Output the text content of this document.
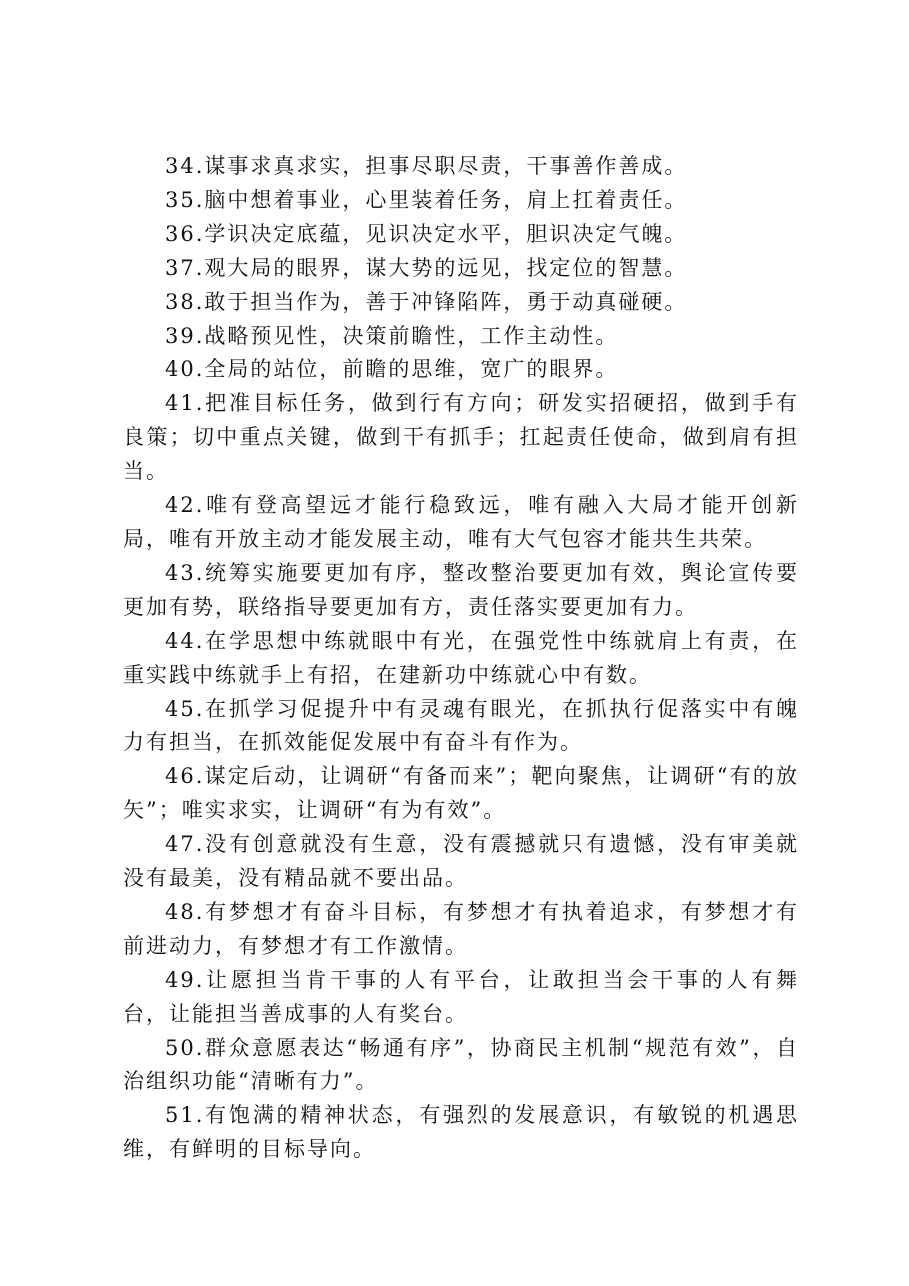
34.谋事求真求实，担事尽职尽责，干事善作善成。

35.脑中想着事业，心里装着任务，肩上扛着责任。

36.学识决定底蕴，见识决定水平，胆识决定气魄。

37.观大局的眼界，谋大势的远见，找定位的智慧。

38.敢于担当作为，善于冲锋陷阵，勇于动真碰硬。

39.战略预见性，决策前瞻性，工作主动性。

40.全局的站位，前瞻的思维，宽广的眼界。

41.把准目标任务，做到行有方向；研发实招硬招，做到手有良策；切中重点关键，做到干有抓手；扛起责任使命，做到肩有担当。

42.唯有登高望远才能行稳致远，唯有融入大局才能开创新局，唯有开放主动才能发展主动，唯有大气包容才能共生共荣。

43.统筹实施要更加有序，整改整治要更加有效，舆论宣传要更加有势，联络指导要更加有方，责任落实要更加有力。

44.在学思想中练就眼中有光，在强党性中练就肩上有责，在重实践中练就手上有招，在建新功中练就心中有数。

45.在抓学习促提升中有灵魂有眼光，在抓执行促落实中有魄力有担当，在抓效能促发展中有奋斗有作为。

46.谋定后动，让调研“有备而来”；靶向聚焦，让调研“有的放矢”；唯实求实，让调研“有为有效”。

47.没有创意就没有生意，没有震撼就只有遗憾，没有审美就没有最美，没有精品就不要出品。

48.有梦想才有奋斗目标，有梦想才有执着追求，有梦想才有前进动力，有梦想才有工作激情。

49.让愿担当肯干事的人有平台，让敢担当会干事的人有舞台，让能担当善成事的人有奖台。

50.群众意愿表达“畅通有序”，协商民主机制“规范有效”，自治组织功能“清晰有力”。

51.有饱满的精神状态，有强烈的发展意识，有敏锐的机遇思维，有鲜明的目标导向。
